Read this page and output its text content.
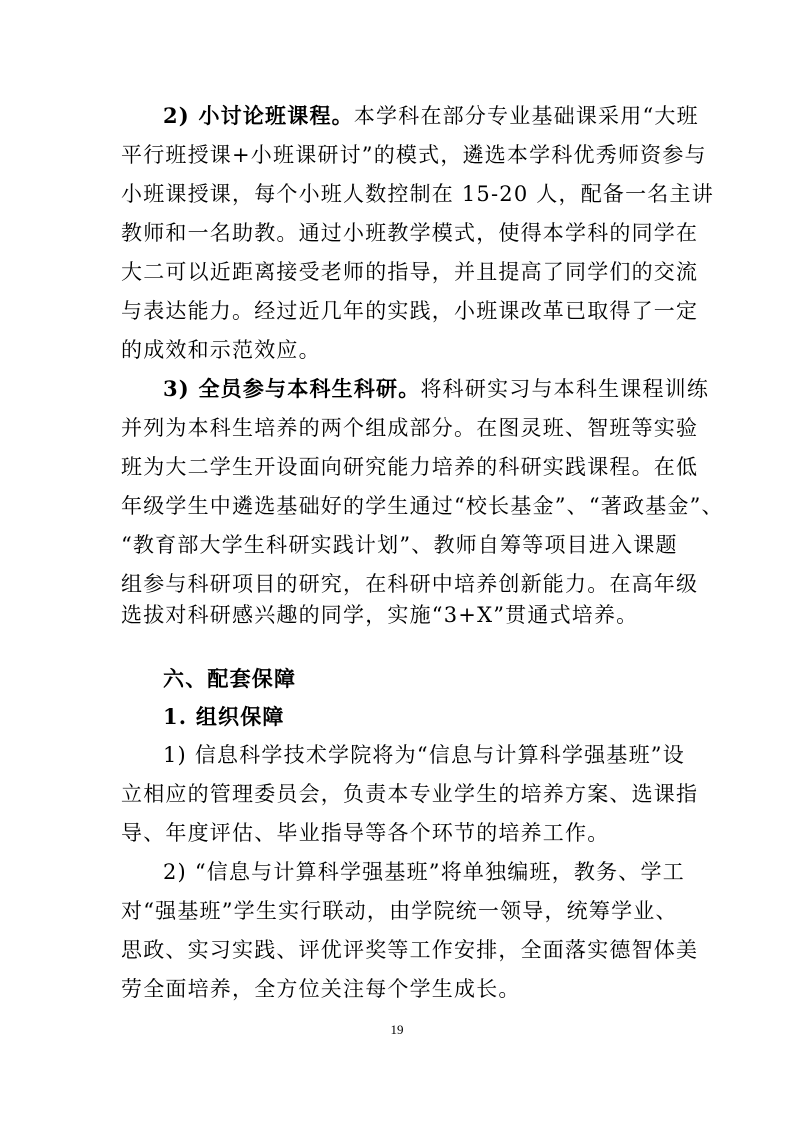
2) 小讨论班课程。本学科在部分专业基础课采用“大班
平行班授课+小班课研讨”的模式，遴选本学科优秀师资参与
小班课授课，每个小班人数控制在 15-20 人，配备一名主讲
教师和一名助教。通过小班教学模式，使得本学科的同学在
大二可以近距离接受老师的指导，并且提高了同学们的交流
与表达能力。经过近几年的实践，小班课改革已取得了一定
的成效和示范效应。
3) 全员参与本科生科研。将科研实习与本科生课程训练
并列为本科生培养的两个组成部分。在图灵班、智班等实验
班为大二学生开设面向研究能力培养的科研实践课程。在低
年级学生中遴选基础好的学生通过“校长基金”、“著政基金”、
“教育部大学生科研实践计划”、教师自筹等项目进入课题
组参与科研项目的研究，在科研中培养创新能力。在高年级
选拔对科研感兴趣的同学，实施“3+X”贯通式培养。
六、配套保障
1. 组织保障
1) 信息科学技术学院将为“信息与计算科学强基班”设
立相应的管理委员会，负责本专业学生的培养方案、选课指
导、年度评估、毕业指导等各个环节的培养工作。
2) “信息与计算科学强基班”将单独编班，教务、学工
对“强基班”学生实行联动，由学院统一领导，统筹学业、
思政、实习实践、评优评奖等工作安排，全面落实德智体美
劳全面培养，全方位关注每个学生成长。
19
